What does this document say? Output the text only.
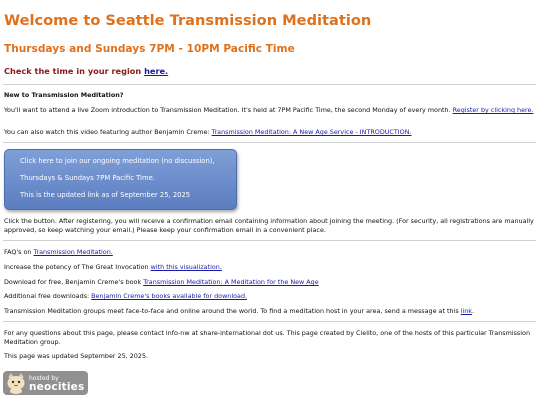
Welcome to Seattle Transmission Meditation
Thursdays and Sundays 7PM - 10PM Pacific Time
Check the time in your region here.
New to Transmission Meditation?
You'll want to attend a live Zoom introduction to Transmission Meditation. It's held at 7PM Pacific Time, the second Monday of every month. Register by clicking here.
You can also watch this video featuring author Benjamin Creme: Transmission Meditation: A New Age Service - INTRODUCTION.
Click here to join our ongoing meditation (no discussion),
Thursdays & Sundays 7PM Pacific Time.
This is the updated link as of September 25, 2025
Click the button. After registering, you will receive a confirmation email containing information about joining the meeting. (For security, all registrations are manually approved, so keep watching your email.) Please keep your confirmation email in a convenient place.
FAQ's on Transmission Meditation.
Increase the potency of The Great Invocation with this visualization.
Download for free, Benjamin Creme's book Transmission Meditation: A Meditation for the New Age
Additional free downloads: Benjamin Creme's books available for download.
Transmission Meditation groups meet face-to-face and online around the world. To find a meditation host in your area, send a message at this link.
For any questions about this page, please contact info-nw at share-international dot us. This page created by Cielito, one of the hosts of this particular Transmission Meditation group.
This page was updated September 25, 2025.
hosted by
neocities
